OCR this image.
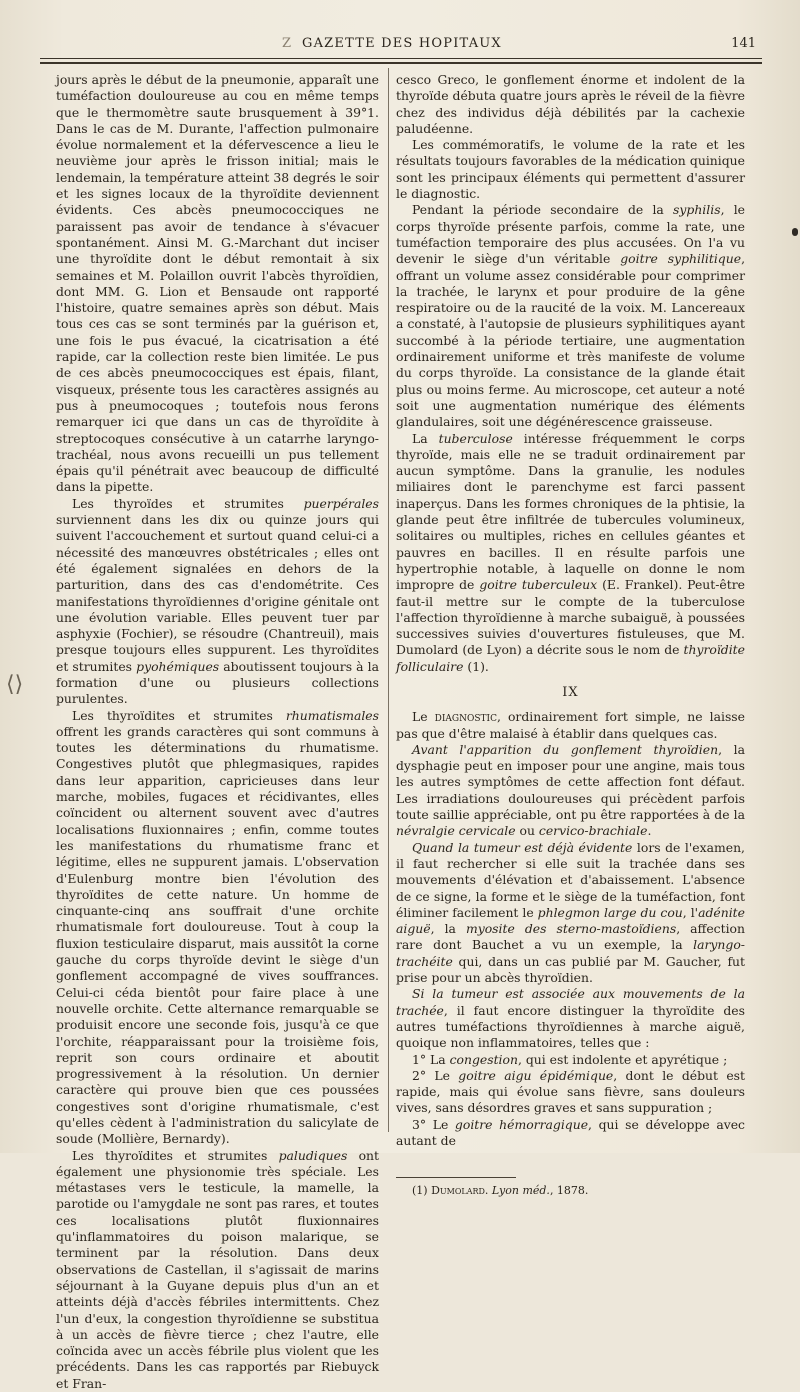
Z GAZETTE DES HOPITAUX	141

jours après le début de la pneumonie, apparaît une tuméfaction douloureuse au cou en même temps que le thermomètre saute brusquement à 39°1. Dans le cas de M. Durante, l'affection pulmonaire évolue normalement et la défervescence a lieu le neuvième jour après le frisson initial; mais le lendemain, la température atteint 38 degrés le soir et les signes locaux de la thyroïdite deviennent évidents. Ces abcès pneumococciques ne paraissent pas avoir de tendance à s'évacuer spontanément. Ainsi M. G.-Marchant dut inciser une thyroïdite dont le début remontait à six semaines et M. Polaillon ouvrit l'abcès thyroïdien, dont MM. G. Lion et Bensaude ont rapporté l'histoire, quatre semaines après son début. Mais tous ces cas se sont terminés par la guérison et, une fois le pus évacué, la cicatrisation a été rapide, car la collection reste bien limitée. Le pus de ces abcès pneumococciques est épais, filant, visqueux, présente tous les caractères assignés au pus à pneumocoques ; toutefois nous ferons remarquer ici que dans un cas de thyroïdite à streptocoques consécutive à un catarrhe laryngo-trachéal, nous avons recueilli un pus tellement épais qu'il pénétrait avec beaucoup de difficulté dans la pipette.

Les thyroïdes et strumites puerpérales surviennent dans les dix ou quinze jours qui suivent l'accouchement et surtout quand celui-ci a nécessité des manœuvres obstétricales ; elles ont été également signalées en dehors de la parturition, dans des cas d'endométrite. Ces manifestations thyroïdiennes d'origine génitale ont une évolution variable. Elles peuvent tuer par asphyxie (Fochier), se résoudre (Chantreuil), mais presque toujours elles suppurent. Les thyroïdites et strumites pyohémiques aboutissent toujours à la formation d'une ou plusieurs collections purulentes.

Les thyroïdites et strumites rhumatismales offrent les grands caractères qui sont communs à toutes les déterminations du rhumatisme. Congestives plutôt que phlegmasiques, rapides dans leur apparition, capricieuses dans leur marche, mobiles, fugaces et récidivantes, elles coïncident ou alternent souvent avec d'autres localisations fluxionnaires ; enfin, comme toutes les manifestations du rhumatisme franc et légitime, elles ne suppurent jamais. L'observation d'Eulenburg montre bien l'évolution des thyroïdites de cette nature. Un homme de cinquante-cinq ans souffrait d'une orchite rhumatismale fort douloureuse. Tout à coup la fluxion testiculaire disparut, mais aussitôt la corne gauche du corps thyroïde devint le siège d'un gonflement accompagné de vives souffrances. Celui-ci céda bientôt pour faire place à une nouvelle orchite. Cette alternance remarquable se produisit encore une seconde fois, jusqu'à ce que l'orchite, réapparaissant pour la troisième fois, reprit son cours ordinaire et aboutit progressivement à la résolution. Un dernier caractère qui prouve bien que ces poussées congestives sont d'origine rhumatismale, c'est qu'elles cèdent à l'administration du salicylate de soude (Mollière, Bernardy).

Les thyroïdites et strumites paludiques ont également une physionomie très spéciale. Les métastases vers le testicule, la mamelle, la parotide ou l'amygdale ne sont pas rares, et toutes ces localisations plutôt fluxionnaires qu'inflammatoires du poison malarique, se terminent par la résolution. Dans deux observations de Castellan, il s'agissait de marins séjournant à la Guyane depuis plus d'un an et atteints déjà d'accès fébriles intermittents. Chez l'un d'eux, la congestion thyroïdienne se substitua à un accès de fièvre tierce ; chez l'autre, elle coïncida avec un accès fébrile plus violent que les précédents. Dans les cas rapportés par Riebuyck et Fran-

cesco Greco, le gonflement énorme et indolent de la thyroïde débuta quatre jours après le réveil de la fièvre chez des individus déjà débilités par la cachexie paludéenne.

Les commémoratifs, le volume de la rate et les résultats toujours favorables de la médication quinique sont les principaux éléments qui permettent d'assurer le diagnostic.

Pendant la période secondaire de la syphilis, le corps thyroïde présente parfois, comme la rate, une tuméfaction temporaire des plus accusées. On l'a vu devenir le siège d'un véritable goitre syphilitique, offrant un volume assez considérable pour comprimer la trachée, le larynx et pour produire de la gêne respiratoire ou de la raucité de la voix. M. Lancereaux a constaté, à l'autopsie de plusieurs syphilitiques ayant succombé à la période tertiaire, une augmentation ordinairement uniforme et très manifeste de volume du corps thyroïde. La consistance de la glande était plus ou moins ferme. Au microscope, cet auteur a noté soit une augmentation numérique des éléments glandulaires, soit une dégénérescence graisseuse.

La tuberculose intéresse fréquemment le corps thyroïde, mais elle ne se traduit ordinairement par aucun symptôme. Dans la granulie, les nodules miliaires dont le parenchyme est farci passent inaperçus. Dans les formes chroniques de la phtisie, la glande peut être infiltrée de tubercules volumineux, solitaires ou multiples, riches en cellules géantes et pauvres en bacilles. Il en résulte parfois une hypertrophie notable, à laquelle on donne le nom impropre de goitre tuberculeux (E. Frankel). Peut-être faut-il mettre sur le compte de la tuberculose l'affection thyroïdienne à marche subaiguë, à poussées successives suivies d'ouvertures fistuleuses, que M. Dumolard (de Lyon) a décrite sous le nom de thyroïdite folliculaire (1).

IX

Le diagnostic, ordinairement fort simple, ne laisse pas que d'être malaisé à établir dans quelques cas.

Avant l'apparition du gonflement thyroïdien, la dysphagie peut en imposer pour une angine, mais tous les autres symptômes de cette affection font défaut. Les irradiations douloureuses qui précèdent parfois toute saillie appréciable, ont pu être rapportées à de la névralgie cervicale ou cervico-brachiale.

Quand la tumeur est déjà évidente lors de l'examen, il faut rechercher si elle suit la trachée dans ses mouvements d'élévation et d'abaissement. L'absence de ce signe, la forme et le siège de la tuméfaction, font éliminer facilement le phlegmon large du cou, l'adénite aiguë, la myosite des sterno-mastoïdiens, affection rare dont Bauchet a vu un exemple, la laryngo-trachéite qui, dans un cas publié par M. Gaucher, fut prise pour un abcès thyroïdien.

Si la tumeur est associée aux mouvements de la trachée, il faut encore distinguer la thyroïdite des autres tuméfactions thyroïdiennes à marche aiguë, quoique non inflammatoires, telles que :

1° La congestion, qui est indolente et apyrétique ;

2° Le goitre aigu épidémique, dont le début est rapide, mais qui évolue sans fièvre, sans douleurs vives, sans désordres graves et sans suppuration ;

3° Le goitre hémorragique, qui se développe avec autant de

(1) Dumolard. Lyon méd., 1878.

⟨⟩
